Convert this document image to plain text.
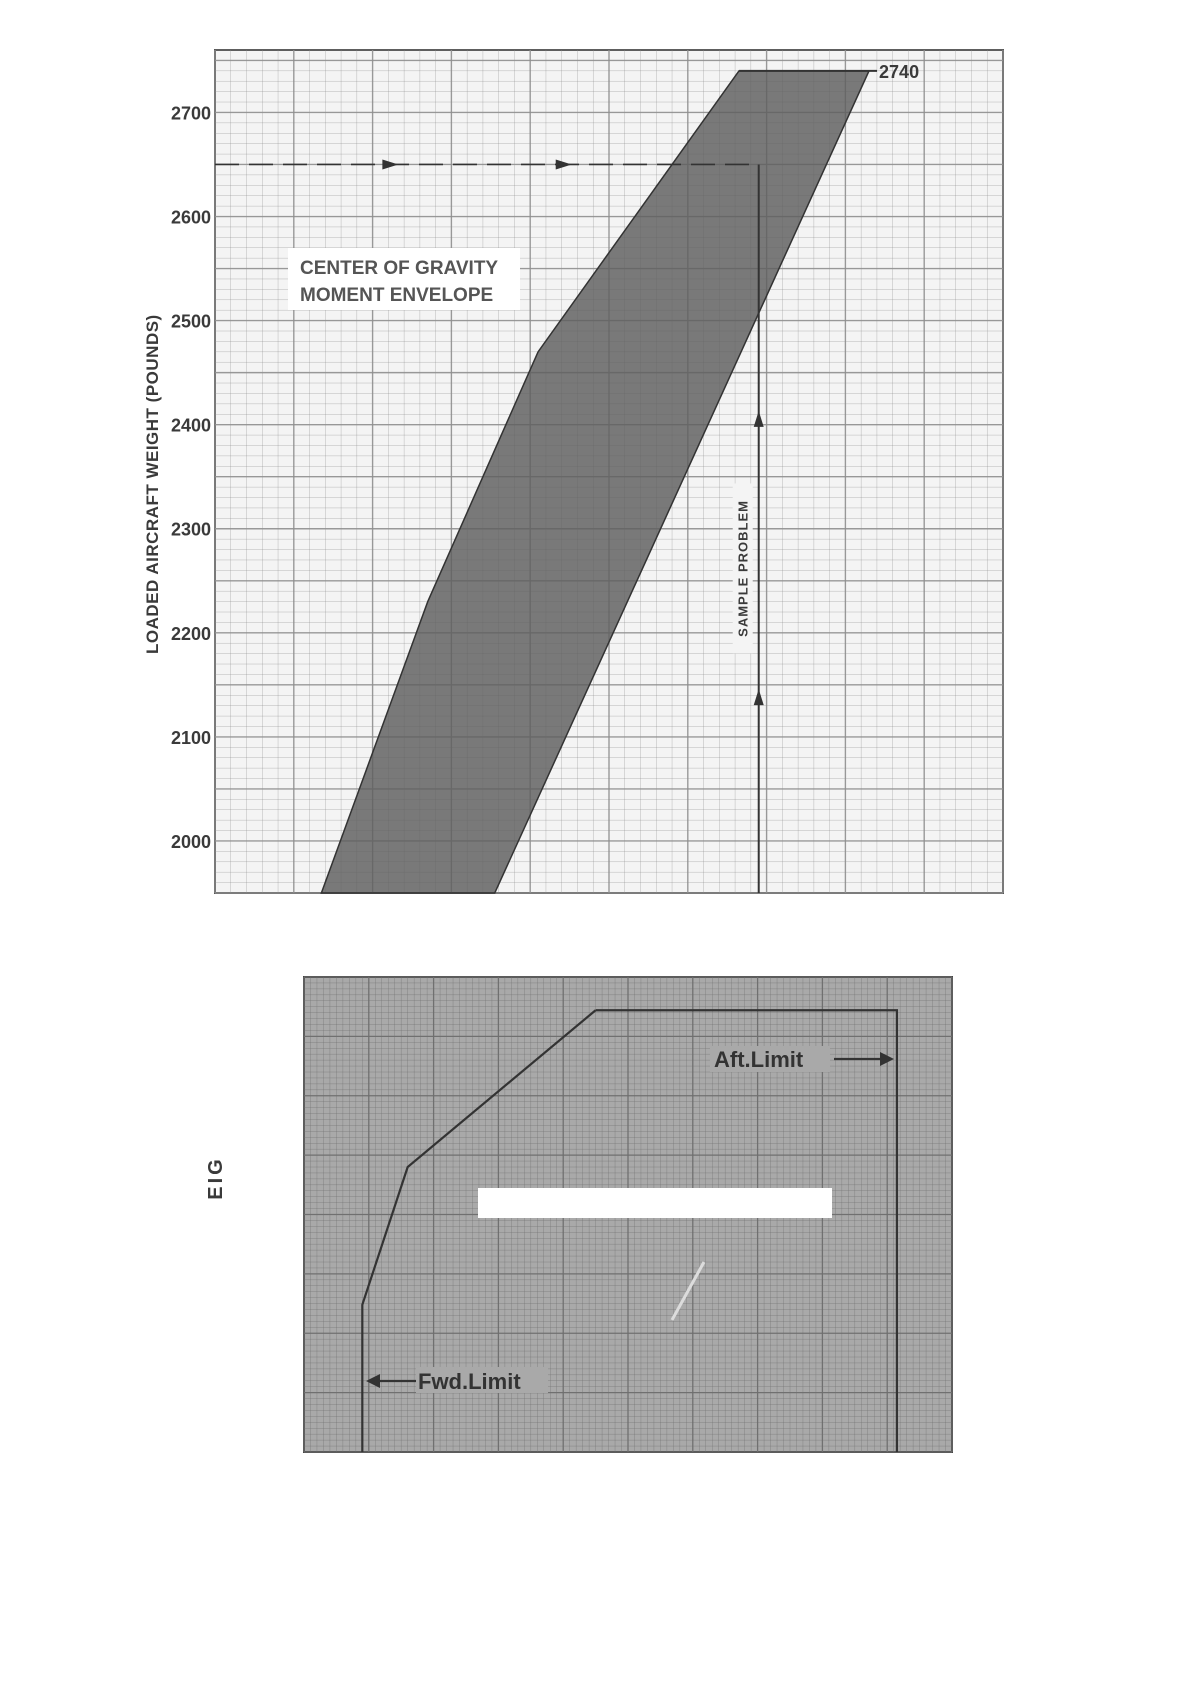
2740
SAMPLE PROBLEM
CENTER OF GRAVITY
MOMENT ENVELOPE
2000
2100
2200
2300
2400
2500
2600
2700
LOADED AIRCRAFT WEIGHT (POUNDS)
Aft.Limit
Fwd.Limit
EIG
